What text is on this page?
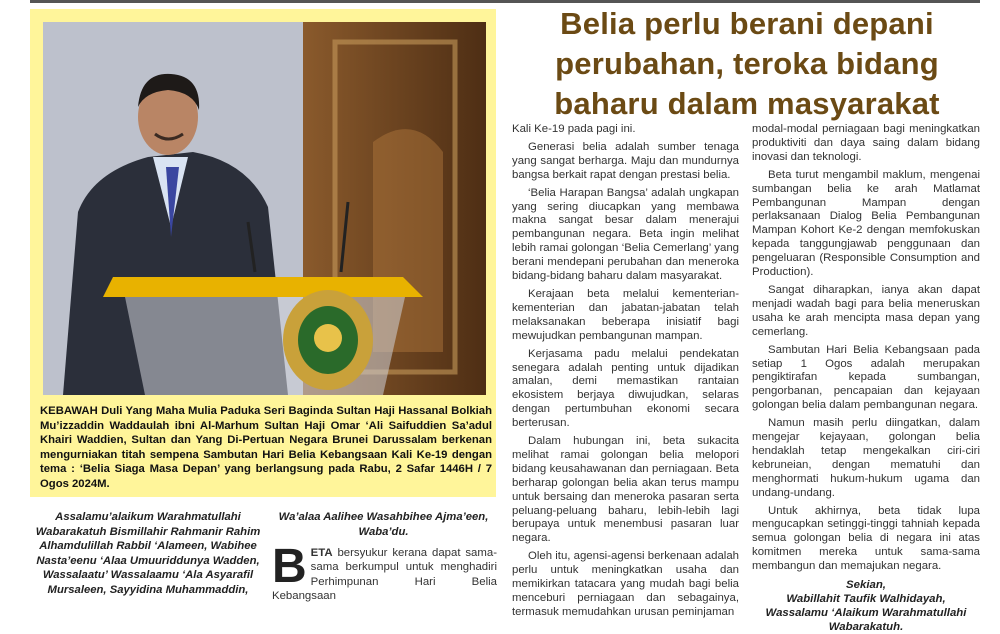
KEBAWAH Duli Yang Maha Mulia Paduka Seri Baginda Sultan Haji Hassanal Bolkiah Mu’izzaddin Waddaulah ibni Al-Marhum Sultan Haji Omar ‘Ali Saifuddien Sa’adul Khairi Waddien, Sultan dan Yang Di-Pertuan Negara Brunei Darussalam berkenan mengurniakan titah sempena Sambutan Hari Belia Kebangsaan Kali Ke-19 dengan tema : ‘Belia Siaga Masa Depan’ yang berlangsung pada Rabu, 2 Safar 1446H / 7 Ogos 2024M.
Belia perlu berani depani
perubahan, teroka bidang
baharu dalam masyarakat
Assalamu’alaikum Warahmatullahi Wabarakatuh Bismillahir Rahmanir Rahim Alhamdulillah Rabbil ‘Alameen, Wabihee Nasta’eenu ‘Alaa Umuuriddunya Wadden, Wassalaatu’ Wassalaamu ‘Ala Asyarafil Mursaleen, Sayyidina Muhammaddin,
Wa’alaa Aalihee Wasahbihee Ajma’een, Waba’du.
BETA bersyukur kerana dapat sama-sama berkumpul untuk menghadiri Perhimpunan Hari Belia Kebangsaan

Kali Ke-19 pada pagi ini.

Generasi belia adalah sumber tenaga yang sangat berharga. Maju dan mundurnya bangsa berkait rapat dengan prestasi belia.

‘Belia Harapan Bangsa’ adalah ungkapan yang sering diucapkan yang membawa makna sangat besar dalam menerajui pembangunan negara. Beta ingin melihat lebih ramai golongan ‘Belia Cemerlang’ yang berani mendepani perubahan dan meneroka bidang-bidang baharu dalam masyarakat.

Kerajaan beta melalui kementerian-kementerian dan jabatan-jabatan telah melaksanakan beberapa inisiatif bagi mewujudkan pembangunan mampan.

Kerjasama padu melalui pendekatan senegara adalah penting untuk dijadikan amalan, demi memastikan rantaian ekosistem berjaya diwujudkan, selaras dengan pertumbuhan ekonomi secara berterusan.

Dalam hubungan ini, beta sukacita melihat ramai golongan belia melopori bidang keusahawanan dan perniagaan. Beta berharap golongan belia akan terus mampu untuk bersaing dan meneroka pasaran serta peluang-peluang baharu, lebih-lebih lagi berupaya untuk menembusi pasaran luar negara.

Oleh itu, agensi-agensi berkenaan adalah perlu untuk meningkatkan usaha dan memikirkan tatacara yang mudah bagi belia menceburi perniagaan dan sebagainya, termasuk memudahkan urusan peminjaman

modal-modal perniagaan bagi meningkatkan produktiviti dan daya saing dalam bidang inovasi dan teknologi.

Beta turut mengambil maklum, mengenai sumbangan belia ke arah Matlamat Pembangunan Mampan dengan perlaksanaan Dialog Belia Pembangunan Mampan Kohort Ke-2 dengan memfokuskan kepada tanggungjawab penggunaan dan pengeluaran (Responsible Consumption and Production).

Sangat diharapkan, ianya akan dapat menjadi wadah bagi para belia meneruskan usaha ke arah mencipta masa depan yang cemerlang.

Sambutan Hari Belia Kebangsaan pada setiap 1 Ogos adalah merupakan pengiktirafan kepada sumbangan, pengorbanan, pencapaian dan kejayaan golongan belia dalam pembangunan negara.

Namun masih perlu diingatkan, dalam mengejar kejayaan, golongan belia hendaklah tetap mengekalkan ciri-ciri kebruneian, dengan mematuhi dan menghormati hukum-hukum ugama dan undang-undang.

Untuk akhirnya, beta tidak lupa mengucapkan setinggi-tinggi tahniah kepada semua golongan belia di negara ini atas komitmen mereka untuk sama-sama membangun dan memajukan negara.

Sekian,
Wabillahit Taufik Walhidayah,
Wassalamu ‘Alaikum Warahmatullahi
Wabarakatuh.
